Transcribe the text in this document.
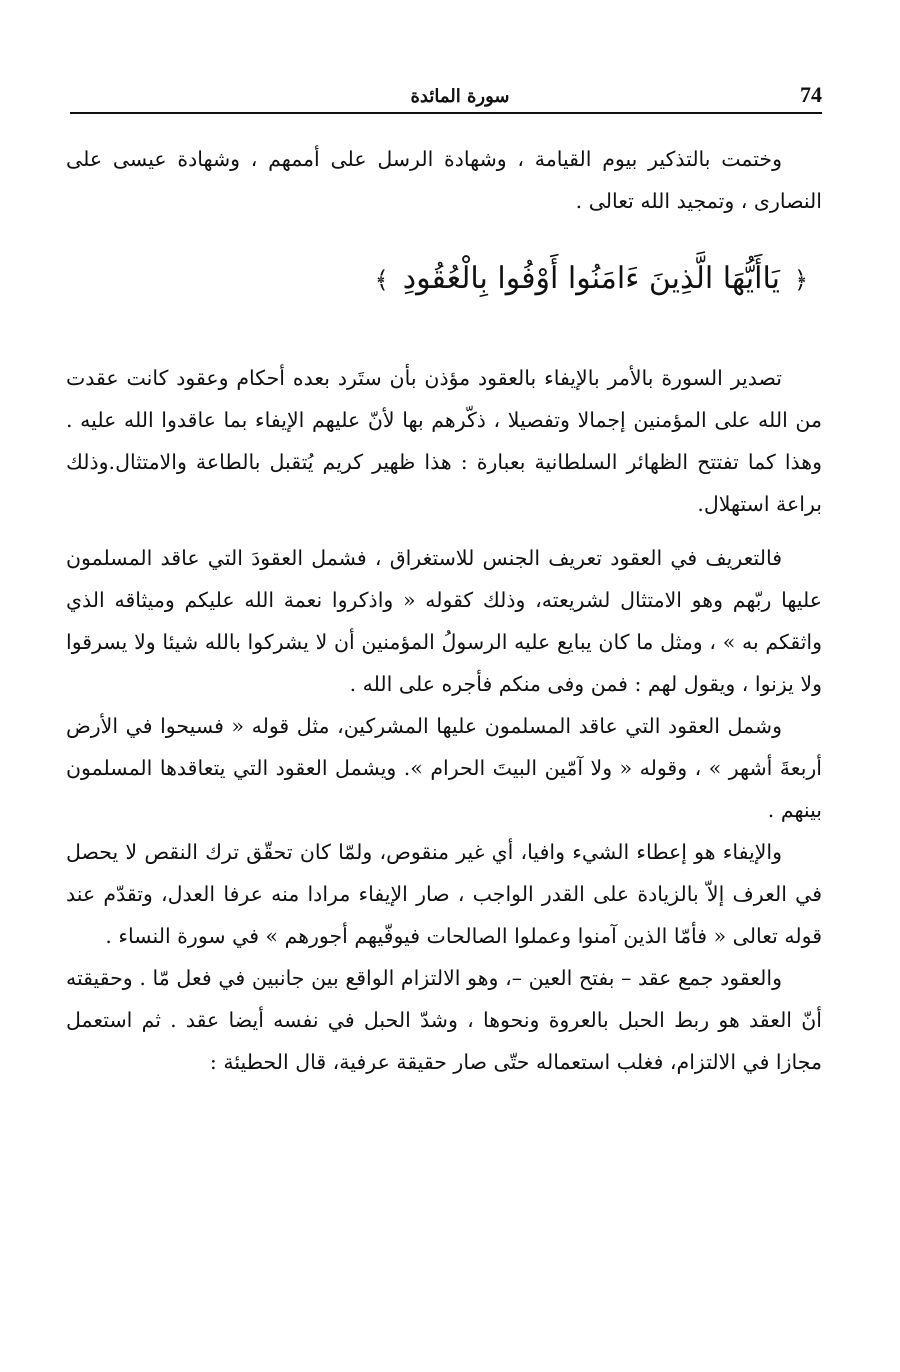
74
سورة المائدة

وختمت بالتذكير بيوم القيامة ، وشهادة الرسل على أممهم ، وشهادة عيسى على النصارى ، وتمجيد الله تعالى .

﴿يَاأَيُّهَا الَّذِينَ ءَامَنُوا أَوْفُوا بِالْعُقُودِ﴾

تصدير السورة بالأمر بالإيفاء بالعقود مؤذن بأن ستَرد بعده أحكام وعقود كانت عقدت من الله على المؤمنين إجمالا وتفصيلا ، ذكّرهم بها لأنّ عليهم الإيفاء بما عاقدوا الله عليه . وهذا كما تفتتح الظهائر السلطانية بعبارة : هذا ظهير كريم يُتقبل بالطاعة والامتثال.وذلك براعة استهلال.

فالتعريف في العقود تعريف الجنس للاستغراق ، فشمل العقودَ التي عاقد المسلمون عليها ربّهم وهو الامتثال لشريعته، وذلك كقوله « واذكروا نعمة الله عليكم وميثاقه الذي واثقكم به » ، ومثل ما كان يبايع عليه الرسولُ المؤمنين أن لا يشركوا بالله شيئا ولا يسرقوا ولا يزنوا ، ويقول لهم : فمن وفى منكم فأجره على الله .

وشمل العقود التي عاقد المسلمون عليها المشركين، مثل قوله « فسيحوا في الأرض أربعةَ أشهر » ، وقوله « ولا آمّين البيتَ الحرام ». ويشمل العقود التي يتعاقدها المسلمون بينهم .

والإيفاء هو إعطاء الشيء وافيا، أي غير منقوص، ولمّا كان تحقّق ترك النقص لا يحصل في العرف إلاّ بالزيادة على القدر الواجب ، صار الإيفاء مرادا منه عرفا العدل، وتقدّم عند قوله تعالى « فأمّا الذين آمنوا وعملوا الصالحات فيوفّيهم أجورهم » في سورة النساء .

والعقود جمع عقد – بفتح العين –، وهو الالتزام الواقع بين جانبين في فعل مّا . وحقيقته أنّ العقد هو ربط الحبل بالعروة ونحوها ، وشدّ الحبل في نفسه أيضا عقد . ثم استعمل مجازا في الالتزام، فغلب استعماله حتّى صار حقيقة عرفية، قال الحطيئة :
